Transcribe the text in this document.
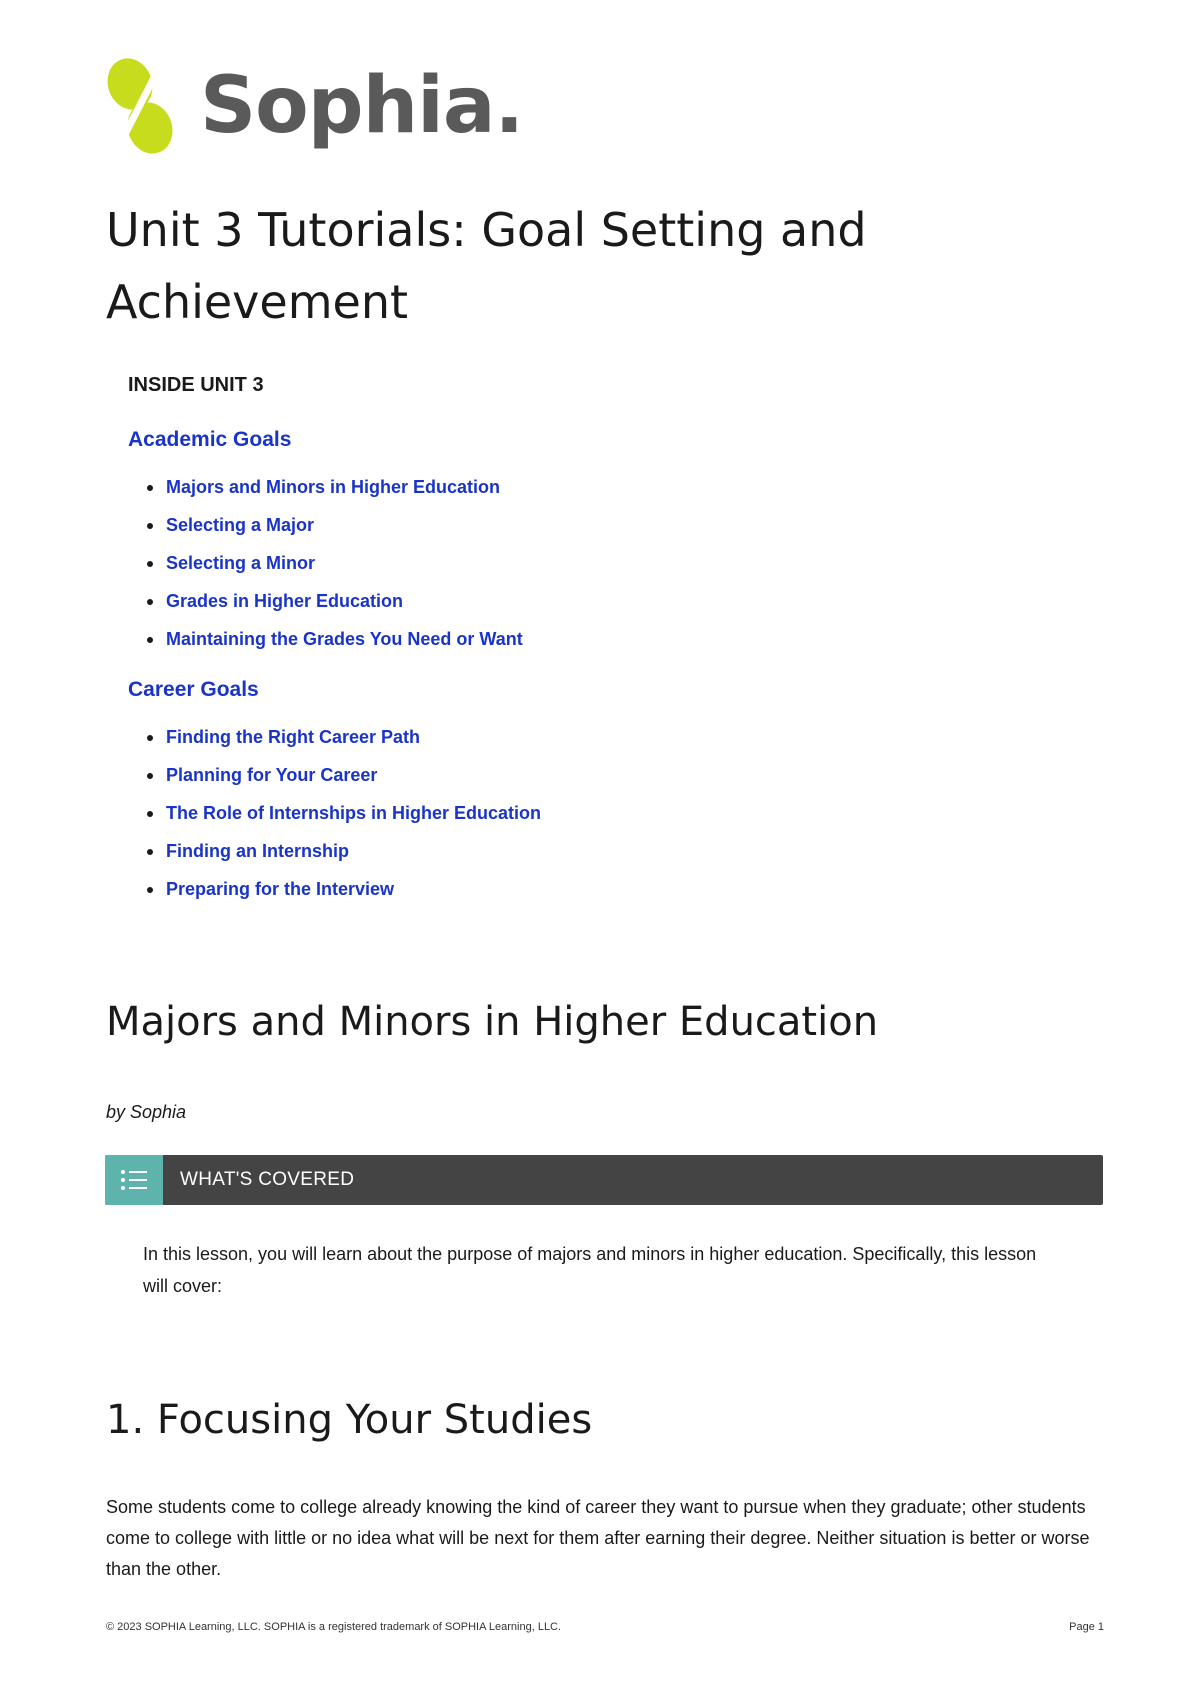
Sophia.
Unit 3 Tutorials: Goal Setting and Achievement
INSIDE UNIT 3
Academic Goals
Majors and Minors in Higher Education
Selecting a Major
Selecting a Minor
Grades in Higher Education
Maintaining the Grades You Need or Want
Career Goals
Finding the Right Career Path
Planning for Your Career
The Role of Internships in Higher Education
Finding an Internship
Preparing for the Interview
Majors and Minors in Higher Education
by Sophia
WHAT'S COVERED

In this lesson, you will learn about the purpose of majors and minors in higher education. Specifically, this lesson will cover:

1. Focusing Your Studies

Some students come to college already knowing the kind of career they want to pursue when they graduate; other students come to college with little or no idea what will be next for them after earning their degree. Neither situation is better or worse than the other.

© 2023 SOPHIA Learning, LLC. SOPHIA is a registered trademark of SOPHIA Learning, LLC.	Page 1
